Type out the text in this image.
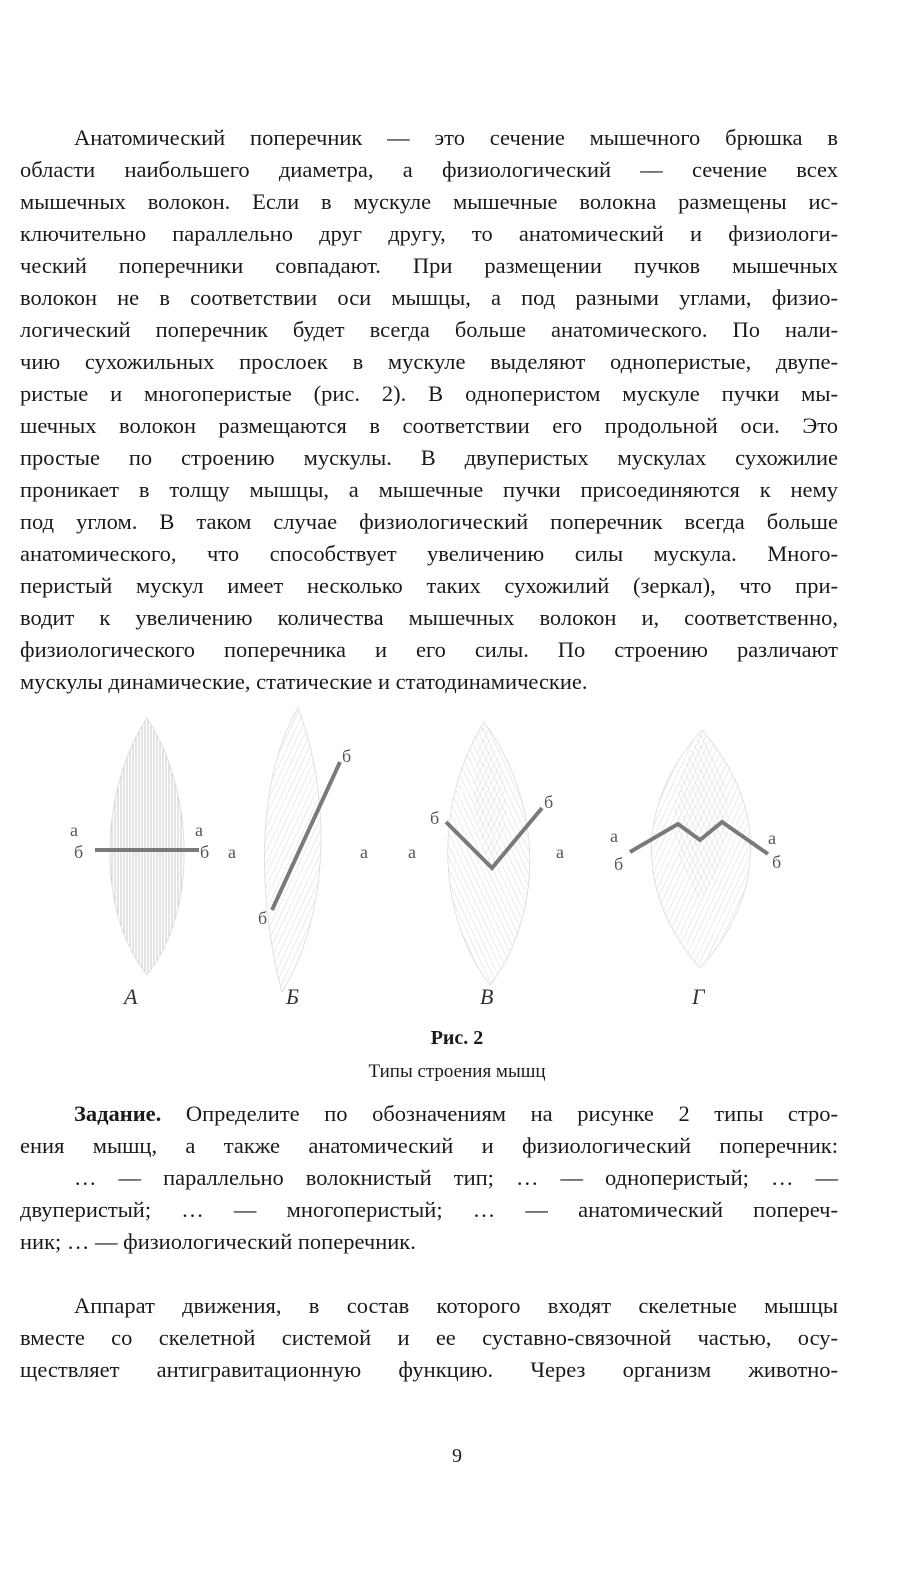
Анатомический поперечник — это сечение мышечного брюшка в
области наибольшего диаметра, а физиологический — сечение всех
мышечных волокон. Если в мускуле мышечные волокна размещены ис-
ключительно параллельно друг другу, то анатомический и физиологи-
ческий поперечники совпадают. При размещении пучков мышечных
волокон не в соответствии оси мышцы, а под разными углами, физио-
логический поперечник будет всегда больше анатомического. По нали-
чию сухожильных прослоек в мускуле выделяют одноперистые, двупе-
ристые и многоперистые (рис. 2). В одноперистом мускуле пучки мы-
шечных волокон размещаются в соответствии его продольной оси. Это
простые по строению мускулы. В двуперистых мускулах сухожилие
проникает в толщу мышцы, а мышечные пучки присоединяются к нему
под углом. В таком случае физиологический поперечник всегда больше
анатомического, что способствует увеличению силы мускула. Много-
перистый мускул имеет несколько таких сухожилий (зеркал), что при-
водит к увеличению количества мышечных волокон и, соответственно,
физиологического поперечника и его силы. По строению различают
мускулы динамические, статические и статодинамические.
а
б
а
б
А
б
б
а	а
Б
б
б
а	а
В
а
б
а
б
Г
Рис. 2
Типы строения мышц
Задание. Определите по обозначениям на рисунке 2 типы стро-
ения мышц, а также анатомический и физиологический поперечник:
… — параллельно волокнистый тип; … — одноперистый; … —
двуперистый; … — многоперистый; … — анатомический попереч-
ник; … — физиологический поперечник.
Аппарат движения, в состав которого входят скелетные мышцы
вместе со скелетной системой и ее суставно-связочной частью, осу-
ществляет антигравитационную функцию. Через организм животно-
9
